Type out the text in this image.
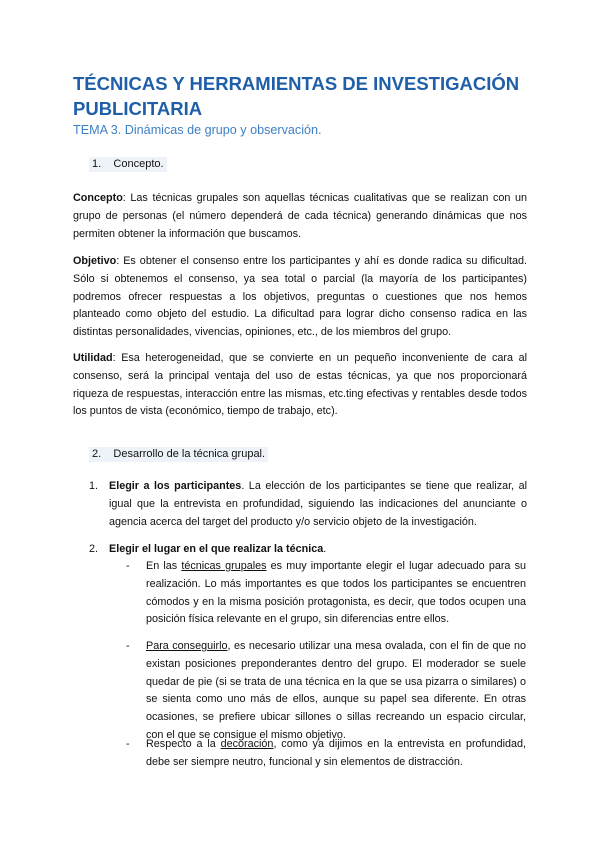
TÉCNICAS Y HERRAMIENTAS DE INVESTIGACIÓN PUBLICITARIA

TEMA 3. Dinámicas de grupo y observación.

1. Concepto.

Concepto: Las técnicas grupales son aquellas técnicas cualitativas que se realizan con un grupo de personas (el número dependerá de cada técnica) generando dinámicas que nos permiten obtener la información que buscamos.

Objetivo: Es obtener el consenso entre los participantes y ahí es donde radica su dificultad. Sólo si obtenemos el consenso, ya sea total o parcial (la mayoría de los participantes) podremos ofrecer respuestas a los objetivos, preguntas o cuestiones que nos hemos planteado como objeto del estudio. La dificultad para lograr dicho consenso radica en las distintas personalidades, vivencias, opiniones, etc., de los miembros del grupo.

Utilidad: Esa heterogeneidad, que se convierte en un pequeño inconveniente de cara al consenso, será la principal ventaja del uso de estas técnicas, ya que nos proporcionará riqueza de respuestas, interacción entre las mismas, etc.ting efectivas y rentables desde todos los puntos de vista (económico, tiempo de trabajo, etc).

2. Desarrollo de la técnica grupal.

1. Elegir a los participantes. La elección de los participantes se tiene que realizar, al igual que la entrevista en profundidad, siguiendo las indicaciones del anunciante o agencia acerca del target del producto y/o servicio objeto de la investigación.

2. Elegir el lugar en el que realizar la técnica.

- En las técnicas grupales es muy importante elegir el lugar adecuado para su realización. Lo más importantes es que todos los participantes se encuentren cómodos y en la misma posición protagonista, es decir, que todos ocupen una posición física relevante en el grupo, sin diferencias entre ellos.

- Para conseguirlo, es necesario utilizar una mesa ovalada, con el fin de que no existan posiciones preponderantes dentro del grupo. El moderador se suele quedar de pie (si se trata de una técnica en la que se usa pizarra o similares) o se sienta como uno más de ellos, aunque su papel sea diferente. En otras ocasiones, se prefiere ubicar sillones o sillas recreando un espacio circular, con el que se consigue el mismo objetivo.

- Respecto a la decoración, como ya dijimos en la entrevista en profundidad, debe ser siempre neutro, funcional y sin elementos de distracción.
